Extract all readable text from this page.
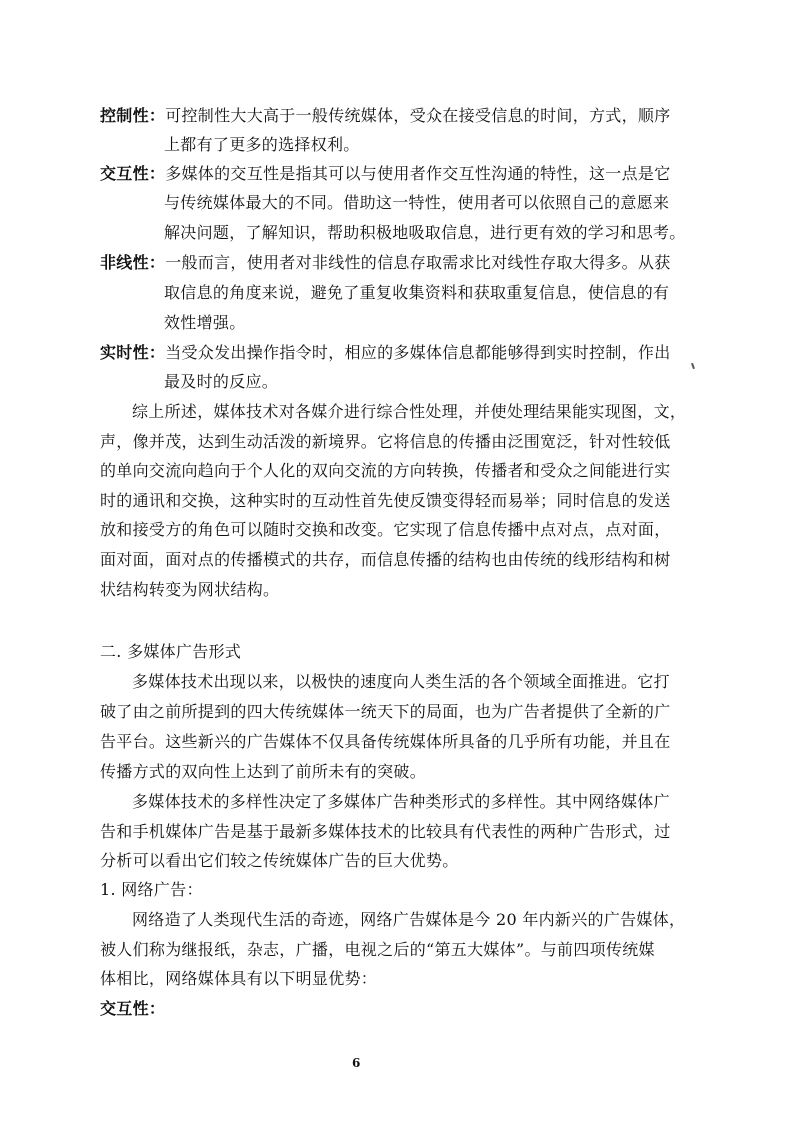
控制性：可控制性大大高于一般传统媒体，受众在接受信息的时间，方式，顺序
上都有了更多的选择权利。
交互性：多媒体的交互性是指其可以与使用者作交互性沟通的特性，这一点是它
与传统媒体最大的不同。借助这一特性，使用者可以依照自己的意愿来
解决问题，了解知识，帮助积极地吸取信息，进行更有效的学习和思考。
非线性：一般而言，使用者对非线性的信息存取需求比对线性存取大得多。从获
取信息的角度来说，避免了重复收集资料和获取重复信息，使信息的有
效性增强。
实时性：当受众发出操作指令时，相应的多媒体信息都能够得到实时控制，作出
最及时的反应。
综上所述，媒体技术对各媒介进行综合性处理，并使处理结果能实现图，文，
声，像并茂，达到生动活泼的新境界。它将信息的传播由泛围宽泛，针对性较低
的单向交流向趋向于个人化的双向交流的方向转换，传播者和受众之间能进行实
时的通讯和交换，这种实时的互动性首先使反馈变得轻而易举；同时信息的发送
放和接受方的角色可以随时交换和改变。它实现了信息传播中点对点，点对面，
面对面，面对点的传播模式的共存，而信息传播的结构也由传统的线形结构和树
状结构转变为网状结构。
二. 多媒体广告形式
多媒体技术出现以来，以极快的速度向人类生活的各个领域全面推进。它打
破了由之前所提到的四大传统媒体一统天下的局面，也为广告者提供了全新的广
告平台。这些新兴的广告媒体不仅具备传统媒体所具备的几乎所有功能，并且在
传播方式的双向性上达到了前所未有的突破。
多媒体技术的多样性决定了多媒体广告种类形式的多样性。其中网络媒体广
告和手机媒体广告是基于最新多媒体技术的比较具有代表性的两种广告形式，过
分析可以看出它们较之传统媒体广告的巨大优势。
1. 网络广告：
网络造了人类现代生活的奇迹，网络广告媒体是今 20 年内新兴的广告媒体，
被人们称为继报纸，杂志，广播，电视之后的“第五大媒体”。与前四项传统媒
体相比，网络媒体具有以下明显优势：
交互性：
6
